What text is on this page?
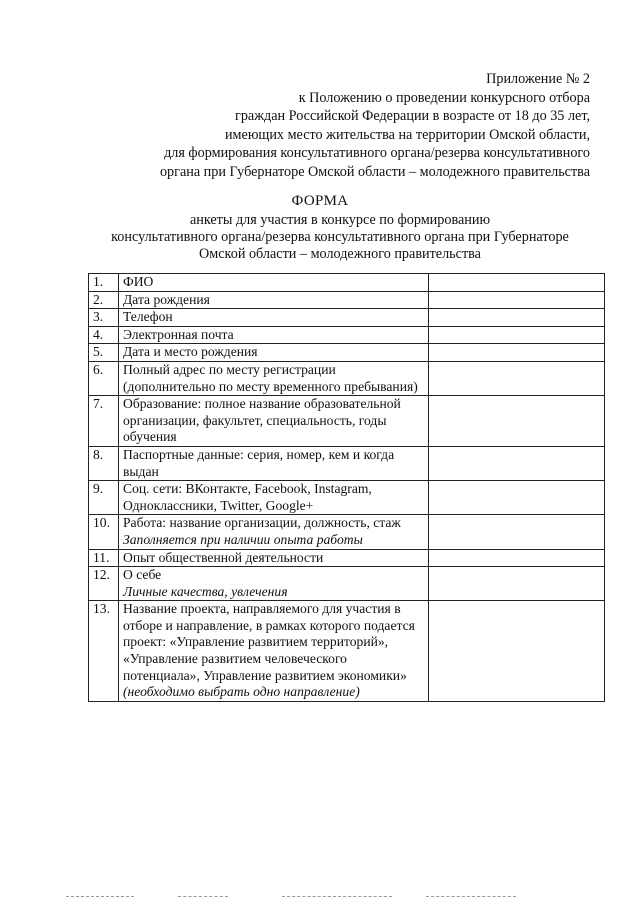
Приложение № 2
к Положению о проведении конкурсного отбора
граждан Российской Федерации в возрасте от 18 до 35 лет,
имеющих место жительства на территории Омской области,
для формирования консультативного органа/резерва консультативного
органа при Губернаторе Омской области – молодежного правительства
ФОРМА
анкеты для участия в конкурсе по формированию
консультативного органа/резерва консультативного органа при Губернаторе
Омской области – молодежного правительства
1.	ФИО	
2.	Дата рождения	
3.	Телефон	
4.	Электронная почта	
5.	Дата и место рождения	
6.	Полный адрес по месту регистрации (дополнительно по месту временного пребывания)	
7.	Образование: полное название образовательной организации, факультет, специальность, годы обучения	
8.	Паспортные данные: серия, номер, кем и когда выдан	
9.	Соц. сети: ВКонтакте, Facebook, Instagram, Одноклассники, Twitter, Google+	
10.	Работа: название организации, должность, стаж
Заполняется при наличии опыта работы	

11.	Опыт общественной деятельности	
12.	О себе
Личные качества, увлечения	

13.	Название проекта, направляемого для участия в отборе и направление, в рамках которого подается проект: «Управление развитием территорий», «Управление развитием человеческого потенциала», Управление развитием экономики» (необходимо выбрать одно направление)	
